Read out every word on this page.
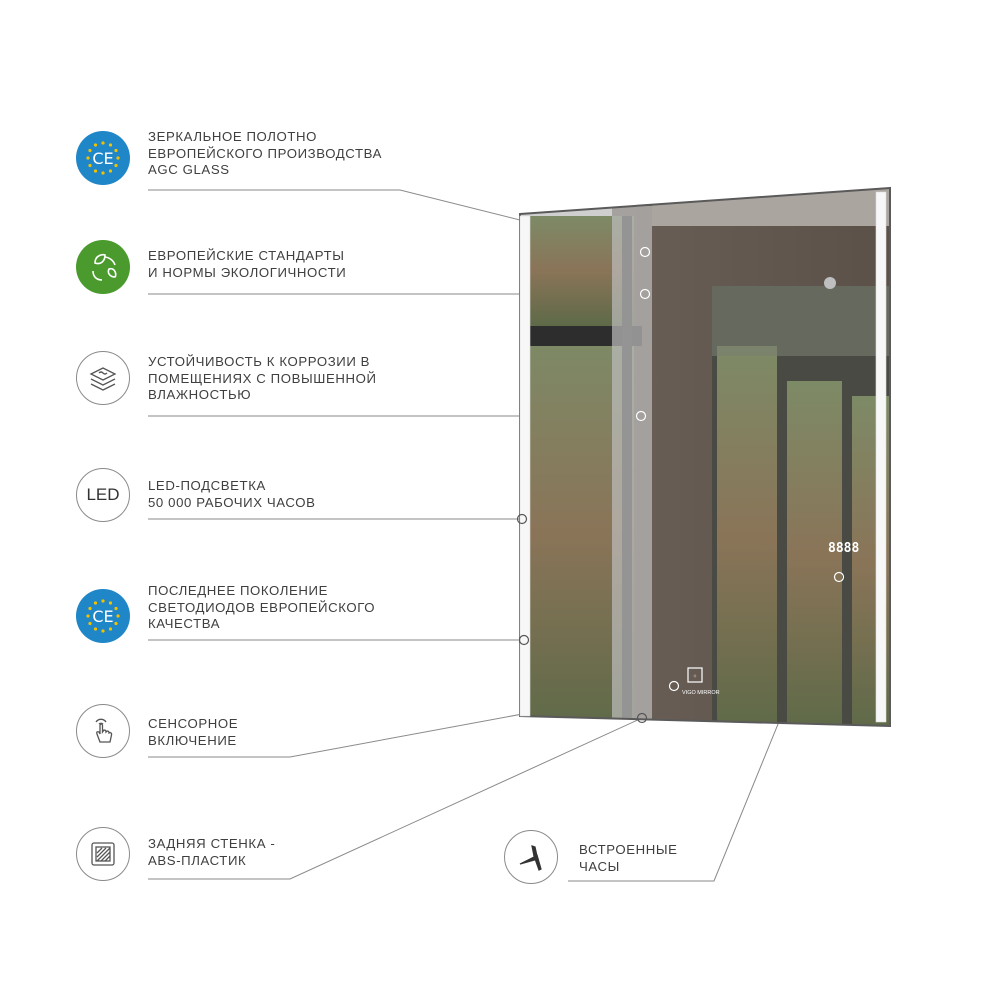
8888
◦
VIGO MIRROR
CE
ЗЕРКАЛЬНОЕ ПОЛОТНО
ЕВРОПЕЙСКОГО ПРОИЗВОДСТВА
AGC GLASS
ЕВРОПЕЙСКИЕ СТАНДАРТЫ
И НОРМЫ ЭКОЛОГИЧНОСТИ
УСТОЙЧИВОСТЬ К КОРРОЗИИ В
ПОМЕЩЕНИЯХ С ПОВЫШЕННОЙ
ВЛАЖНОСТЬЮ
LED LED-ПОДСВЕТКА
50 000 РАБОЧИХ ЧАСОВ
CE
ПОСЛЕДНЕЕ ПОКОЛЕНИЕ
СВЕТОДИОДОВ ЕВРОПЕЙСКОГО
КАЧЕСТВА
СЕНСОРНОЕ
ВКЛЮЧЕНИЕ
ЗАДНЯЯ СТЕНКА -
ABS-ПЛАСТИК
ВСТРОЕННЫЕ
ЧАСЫ
